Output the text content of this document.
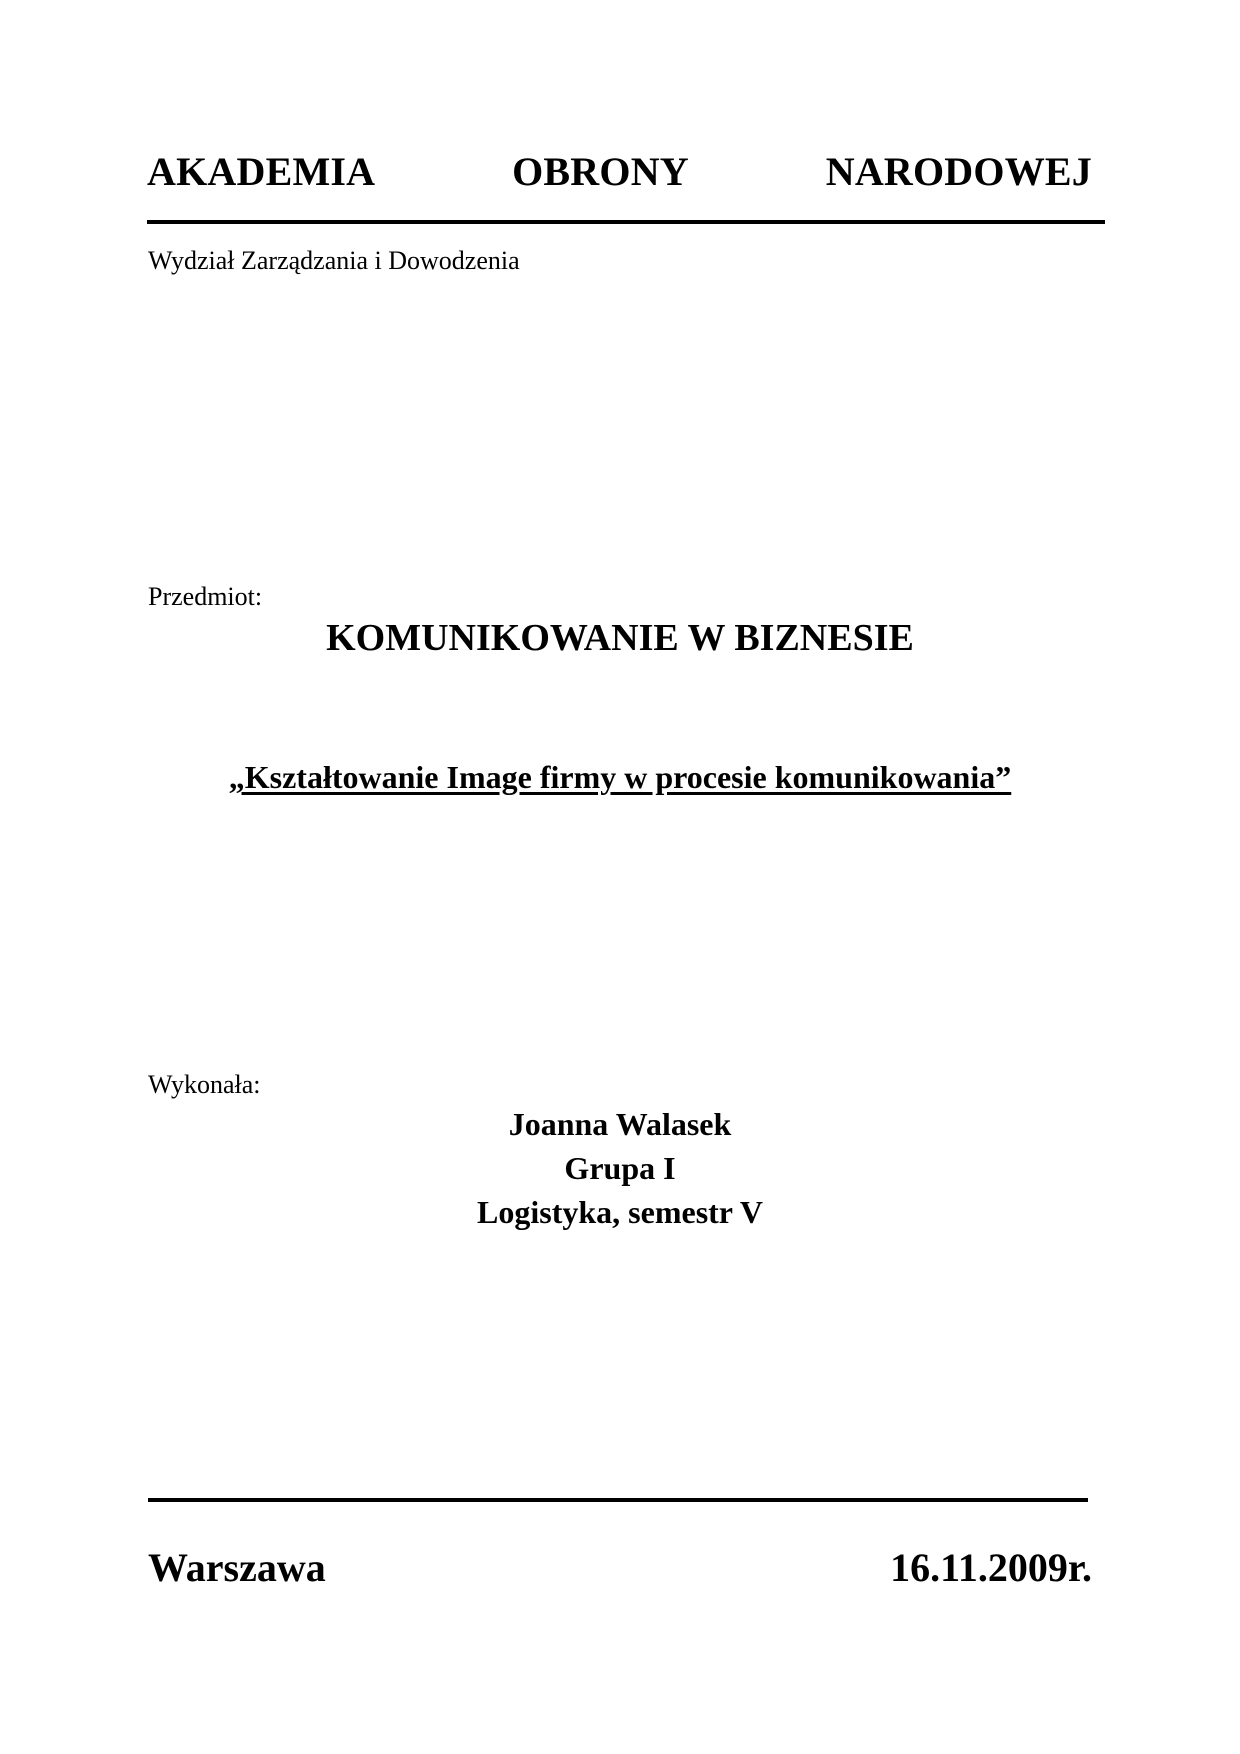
AKADEMIA	OBRONY	NARODOWEJ
Wydział Zarządzania i Dowodzenia
Przedmiot:
KOMUNIKOWANIE W BIZNESIE
„Kształtowanie Image firmy w procesie komunikowania”
Wykonała:
Joanna Walasek
Grupa I
Logistyka, semestr V
Warszawa	16.11.2009r.
